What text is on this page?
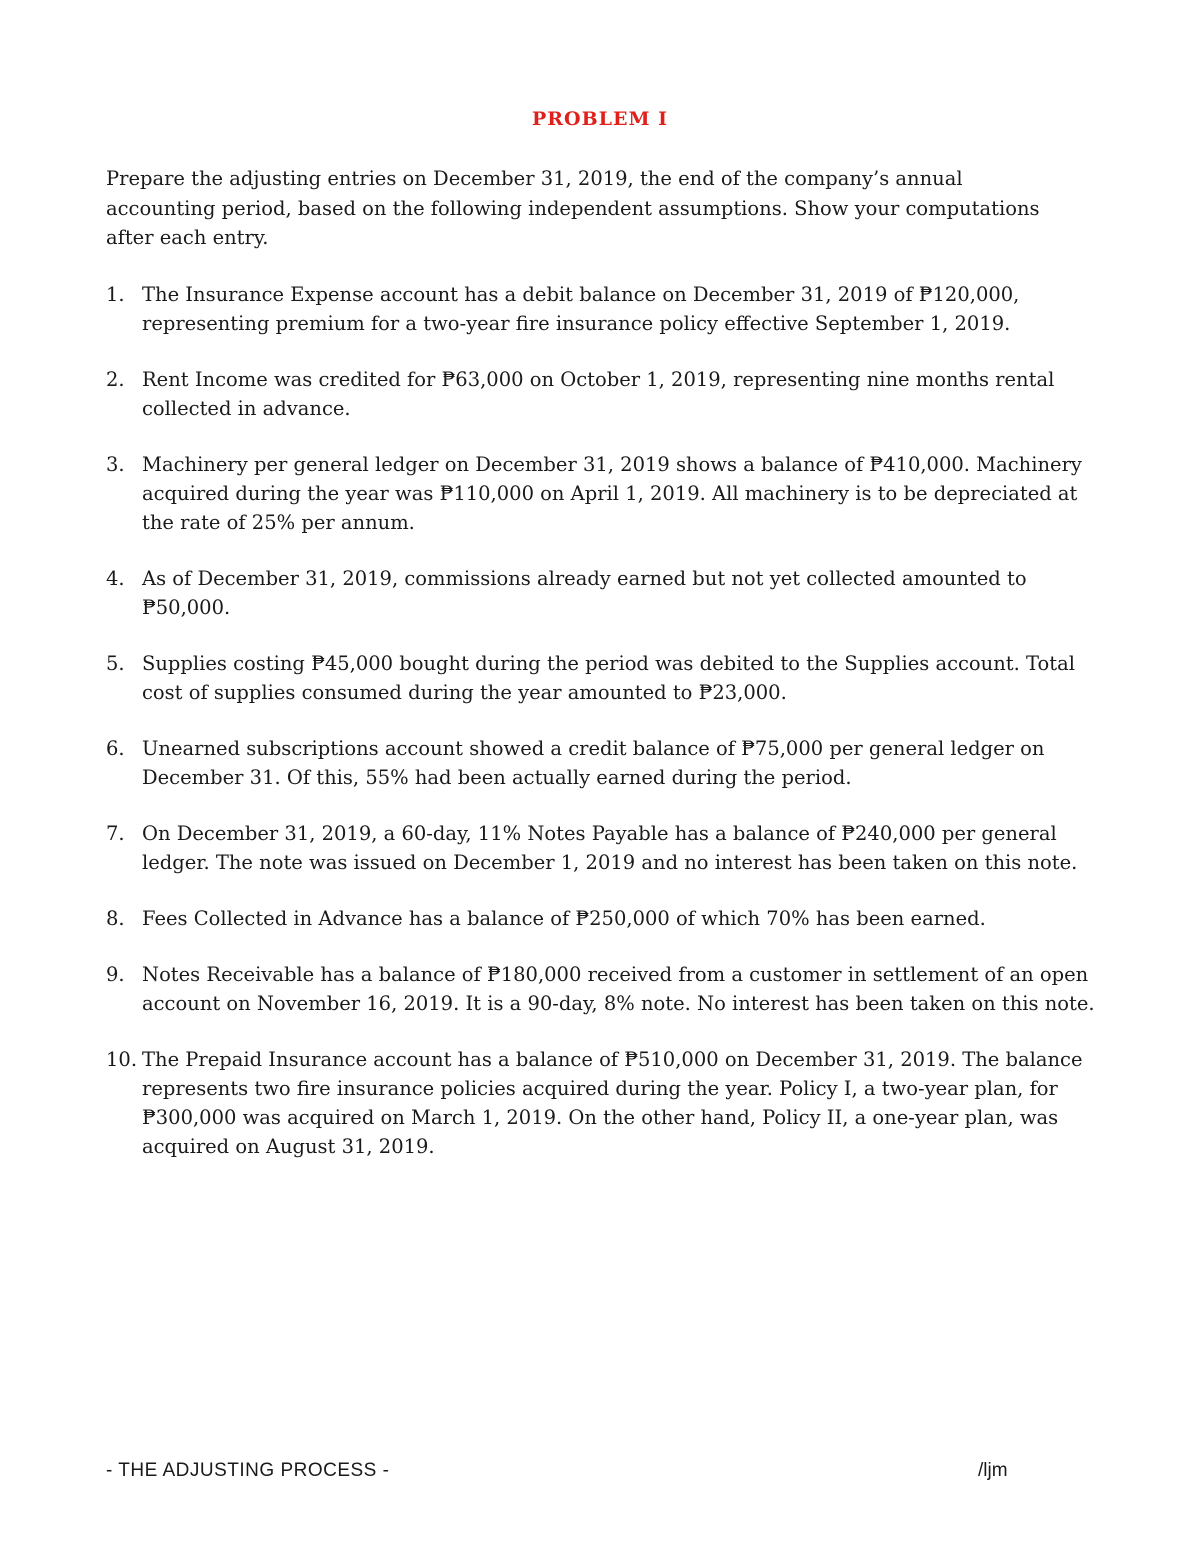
PROBLEM I
Prepare the adjusting entries on December 31, 2019, the end of the company’s annual accounting period, based on the following independent assumptions. Show your computations after each entry.
1. The Insurance Expense account has a debit balance on December 31, 2019 of ₱120,000, representing premium for a two-year fire insurance policy effective September 1, 2019.
2. Rent Income was credited for ₱63,000 on October 1, 2019, representing nine months rental collected in advance.
3. Machinery per general ledger on December 31, 2019 shows a balance of ₱410,000. Machinery acquired during the year was ₱110,000 on April 1, 2019. All machinery is to be depreciated at the rate of 25% per annum.
4. As of December 31, 2019, commissions already earned but not yet collected amounted to ₱50,000.
5. Supplies costing ₱45,000 bought during the period was debited to the Supplies account. Total cost of supplies consumed during the year amounted to ₱23,000.
6. Unearned subscriptions account showed a credit balance of ₱75,000 per general ledger on December 31. Of this, 55% had been actually earned during the period.
7. On December 31, 2019, a 60-day, 11% Notes Payable has a balance of ₱240,000 per general ledger. The note was issued on December 1, 2019 and no interest has been taken on this note.
8. Fees Collected in Advance has a balance of ₱250,000 of which 70% has been earned.
9. Notes Receivable has a balance of ₱180,000 received from a customer in settlement of an open account on November 16, 2019. It is a 90-day, 8% note. No interest has been taken on this note.
10. The Prepaid Insurance account has a balance of ₱510,000 on December 31, 2019. The balance represents two fire insurance policies acquired during the year. Policy I, a two-year plan, for ₱300,000 was acquired on March 1, 2019. On the other hand, Policy II, a one-year plan, was acquired on August 31, 2019.
- THE ADJUSTING PROCESS -	/ljm
